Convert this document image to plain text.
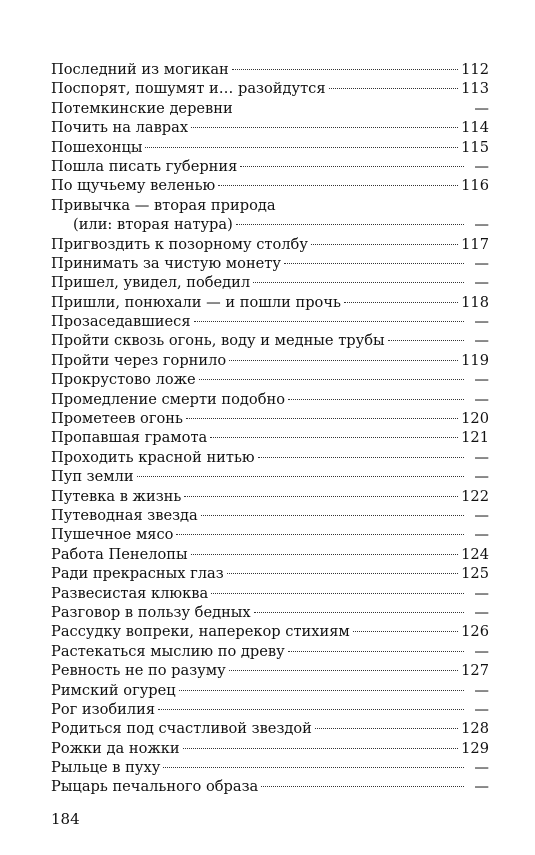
Последний из могикан	112
Поспорят, пошумят и… разойдутся	113
Потемкинские деревни	—
Почить на лаврах	114
Пошехонцы	115
Пошла писать губерния	—
По щучьему веленью	116
Привычка — вторая природа
(или: вторая натура)	—
Пригвоздить к позорному столбу	117
Принимать за чистую монету	—
Пришел, увидел, победил	—
Пришли, понюхали — и пошли прочь	118
Прозаседавшиеся	—
Пройти сквозь огонь, воду и медные трубы	—
Пройти через горнило	119
Прокрустово ложе	—
Промедление смерти подобно	—
Прометеев огонь	120
Пропавшая грамота	121
Проходить красной нитью	—
Пуп земли	—
Путевка в жизнь	122
Путеводная звезда	—
Пушечное мясо	—
Работа Пенелопы	124
Ради прекрасных глаз	125
Развесистая клюква	—
Разговор в пользу бедных	—
Рассудку вопреки, наперекор стихиям	126
Растекаться мыслию по древу	—
Ревность не по разуму	127
Римский огурец	—
Рог изобилия	—
Родиться под счастливой звездой	128
Рожки да ножки	129
Рыльце в пуху	—
Рыцарь печального образа	—
184
